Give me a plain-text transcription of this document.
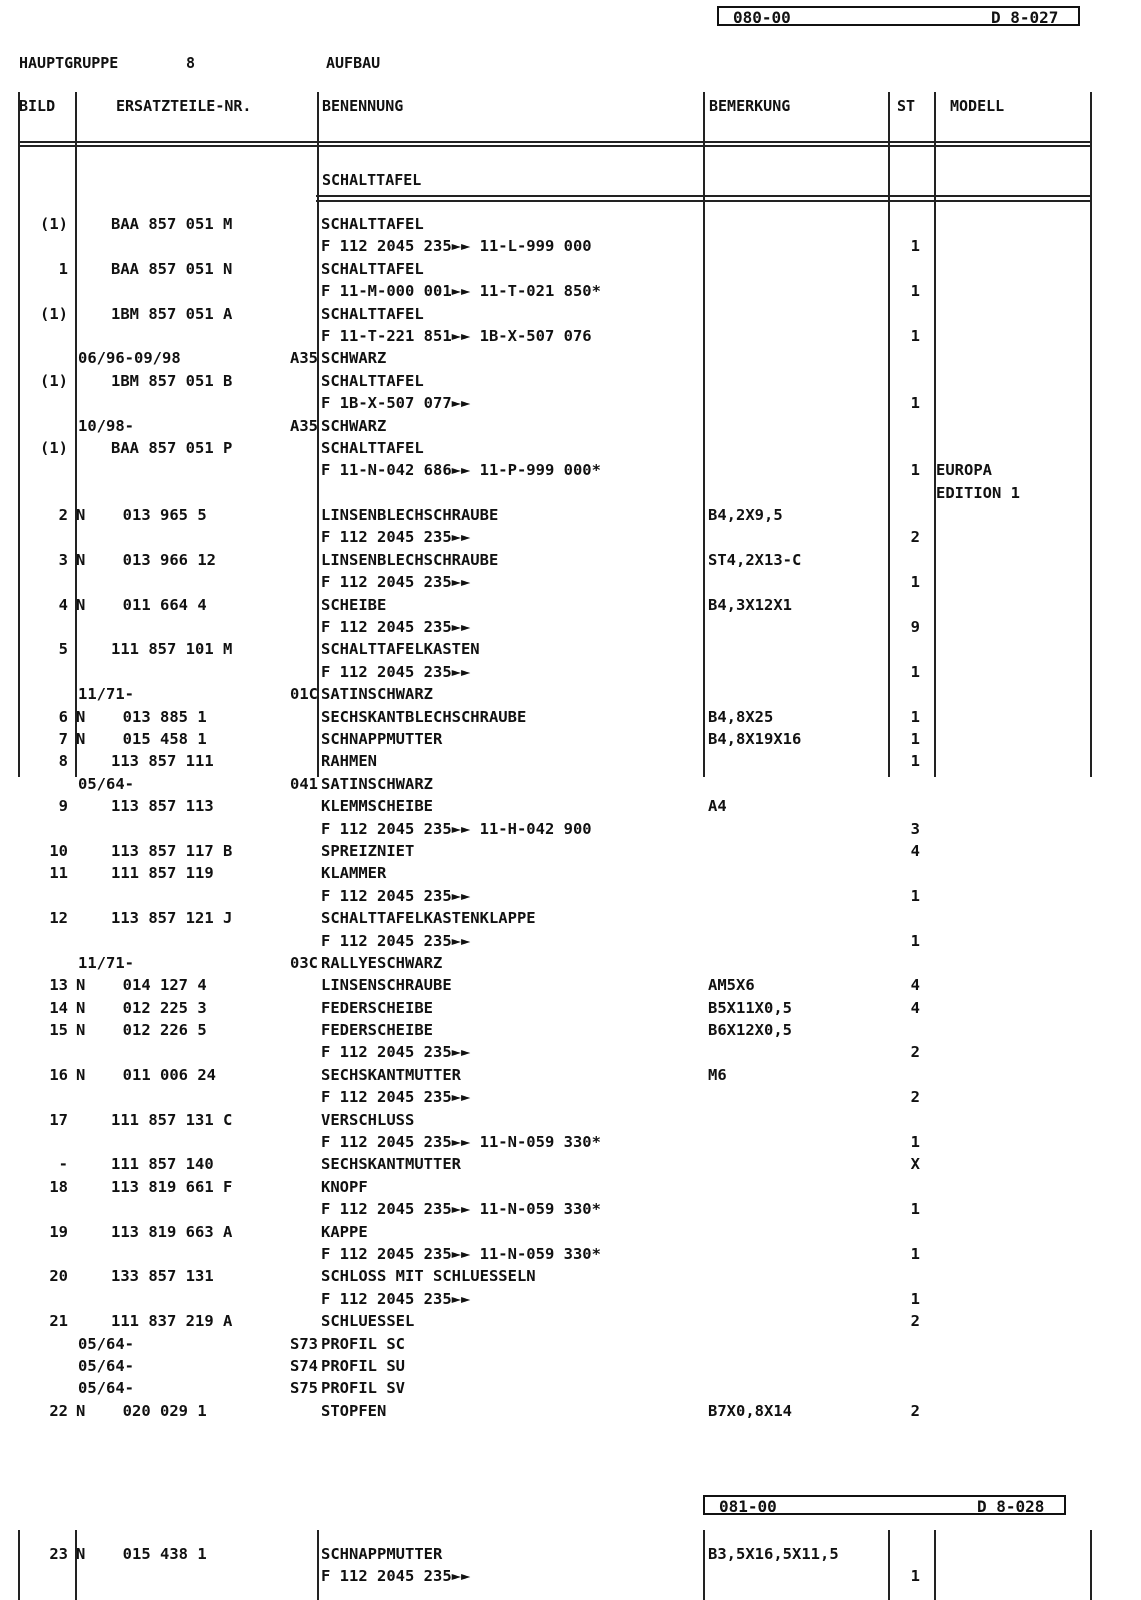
080-00	D 8-027
HAUPTGRUPPE	8	AUFBAU
BILD	ERSATZTEILE-NR.	BENENNUNG	BEMERKUNG	ST MODELL
SCHALTTAFEL
(1)	BAA 857 051 M	SCHALTTAFEL
F 112 2045 235►► 11-L-999 000	1
1	BAA 857 051 N	SCHALTTAFEL
F 11-M-000 001►► 11-T-021 850*	1
(1)	1BM 857 051 A	SCHALTTAFEL
F 11-T-221 851►► 1B-X-507 076	1
06/96-09/98	A35 SCHWARZ
(1)	1BM 857 051 B	SCHALTTAFEL
F 1B-X-507 077►►	1
10/98-	A35 SCHWARZ
(1)	BAA 857 051 P	SCHALTTAFEL
F 11-N-042 686►► 11-P-999 000*	1 EUROPA
EDITION 1
2 N    013 965 5	LINSENBLECHSCHRAUBE	B4,2X9,5
F 112 2045 235►►	2
3 N    013 966 12	LINSENBLECHSCHRAUBE	ST4,2X13-C
F 112 2045 235►►	1
4 N    011 664 4	SCHEIBE	B4,3X12X1
F 112 2045 235►►	9
5	111 857 101 M	SCHALTTAFELKASTEN
F 112 2045 235►►	1
11/71-	01C SATINSCHWARZ
6 N    013 885 1	SECHSKANTBLECHSCHRAUBE	B4,8X25	1
7 N    015 458 1	SCHNAPPMUTTER	B4,8X19X16	1
8	113 857 111	RAHMEN	1
05/64-	041 SATINSCHWARZ
9	113 857 113	KLEMMSCHEIBE	A4
F 112 2045 235►► 11-H-042 900	3
10	113 857 117 B	SPREIZNIET	4
11	111 857 119	KLAMMER
F 112 2045 235►►	1
12	113 857 121 J	SCHALTTAFELKASTENKLAPPE
F 112 2045 235►►	1
11/71-	03C RALLYESCHWARZ
13 N    014 127 4	LINSENSCHRAUBE	AM5X6	4
14 N    012 225 3	FEDERSCHEIBE	B5X11X0,5	4
15 N    012 226 5	FEDERSCHEIBE	B6X12X0,5
F 112 2045 235►►	2
16 N    011 006 24	SECHSKANTMUTTER	M6
F 112 2045 235►►	2
17	111 857 131 C	VERSCHLUSS
F 112 2045 235►► 11-N-059 330*	1
-	111 857 140	SECHSKANTMUTTER	X
18	113 819 661 F	KNOPF
F 112 2045 235►► 11-N-059 330*	1
19	113 819 663 A	KAPPE
F 112 2045 235►► 11-N-059 330*	1
20	133 857 131	SCHLOSS MIT SCHLUESSELN
F 112 2045 235►►	1
21	111 837 219 A	SCHLUESSEL	2
05/64-	S73 PROFIL SC
05/64-	S74 PROFIL SU
05/64-	S75 PROFIL SV
22 N    020 029 1	STOPFEN	B7X0,8X14	2
081-00	D 8-028
23 N    015 438 1	SCHNAPPMUTTER	B3,5X16,5X11,5
F 112 2045 235►►	1
